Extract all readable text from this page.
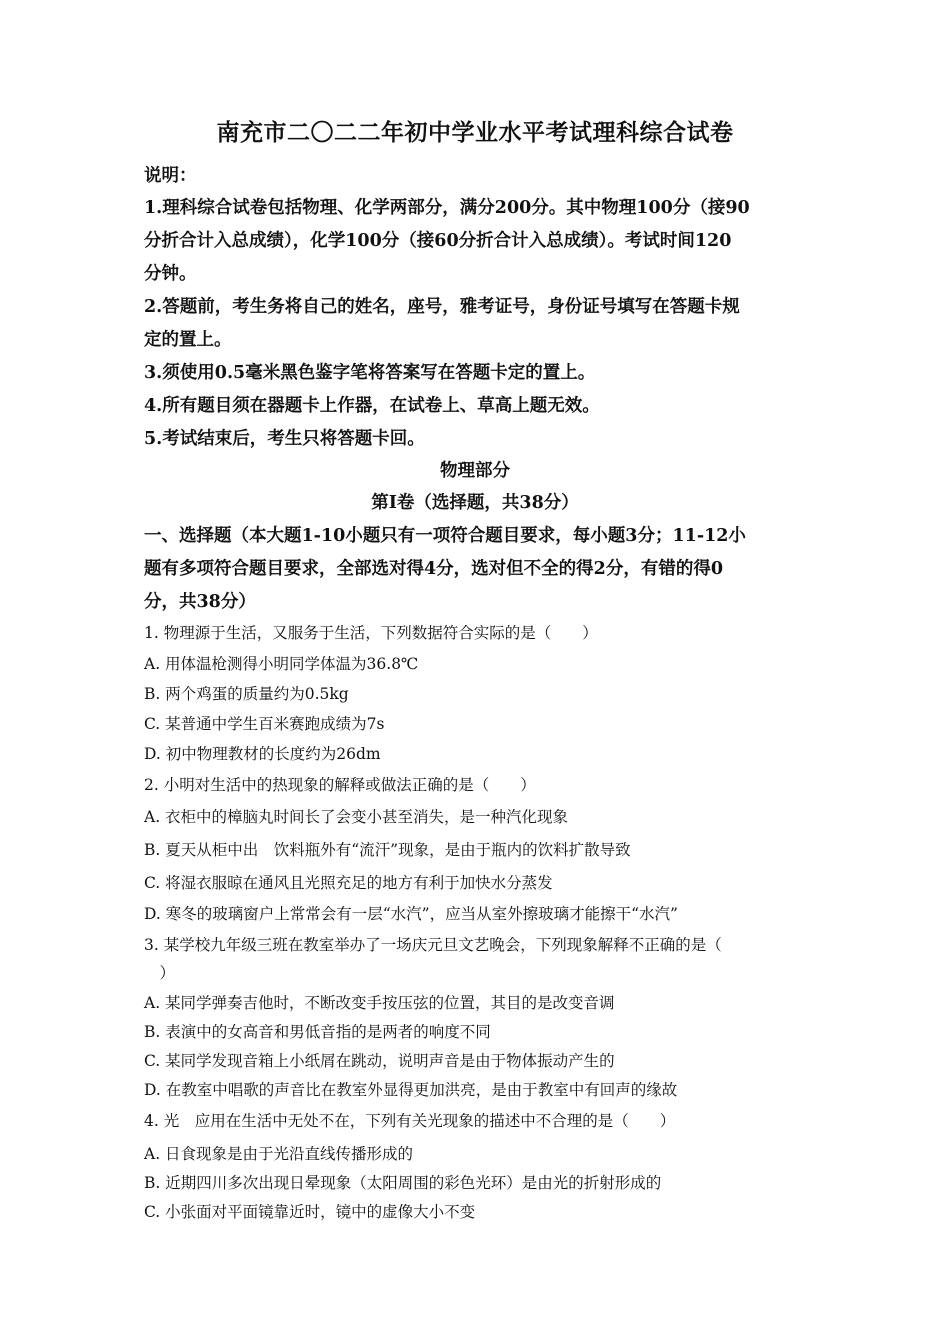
南充市二〇二二年初中学业水平考试理科综合试卷
说明：
1.理科综合试卷包括物理、化学两部分，满分200分。其中物理100分（接90
分折合计入总成绩），化学100分（接60分折合计入总成绩）。考试时间120
分钟。
2.答题前，考生务将自己的姓名，座号，雅考证号，身份证号填写在答题卡规
定的置上。
3.须使用0.5毫米黑色鉴字笔将答案写在答题卡定的置上。
4.所有题目须在器题卡上作器，在试卷上、草高上题无效。
5.考试结束后，考生只将答题卡回。
物理部分
第Ⅰ卷（选择题，共38分）
一、选择题（本大题1-10小题只有一项符合题目要求，每小题3分；11-12小
题有多项符合题目要求，全部选对得4分，选对但不全的得2分，有错的得0
分，共38分）
1. 物理源于生活，又服务于生活，下列数据符合实际的是（　　）
A. 用体温枪测得小明同学体温为36.8℃
B. 两个鸡蛋的质量约为0.5kg
C. 某普通中学生百米赛跑成绩为7s
D. 初中物理教材的长度约为26dm
2. 小明对生活中的热现象的解释或做法正确的是（　　）
A. 衣柜中的樟脑丸时间长了会变小甚至消失，是一种汽化现象
B. 夏天从柜中出　饮料瓶外有“流汗”现象，是由于瓶内的饮料扩散导致
C. 将湿衣服晾在通风且光照充足的地方有利于加快水分蒸发
D. 寒冬的玻璃窗户上常常会有一层“水汽”，应当从室外擦玻璃才能擦干“水汽”
3. 某学校九年级三班在教室举办了一场庆元旦文艺晚会，下列现象解释不正确的是（
　）
A. 某同学弹奏吉他时，不断改变手按压弦的位置，其目的是改变音调
B. 表演中的女高音和男低音指的是两者的响度不同
C. 某同学发现音箱上小纸屑在跳动，说明声音是由于物体振动产生的
D. 在教室中唱歌的声音比在教室外显得更加洪亮，是由于教室中有回声的缘故
4. 光　应用在生活中无处不在，下列有关光现象的描述中不合理的是（　　）
A. 日食现象是由于光沿直线传播形成的
B. 近期四川多次出现日晕现象（太阳周围的彩色光环）是由光的折射形成的
C. 小张面对平面镜靠近时，镜中的虚像大小不变
